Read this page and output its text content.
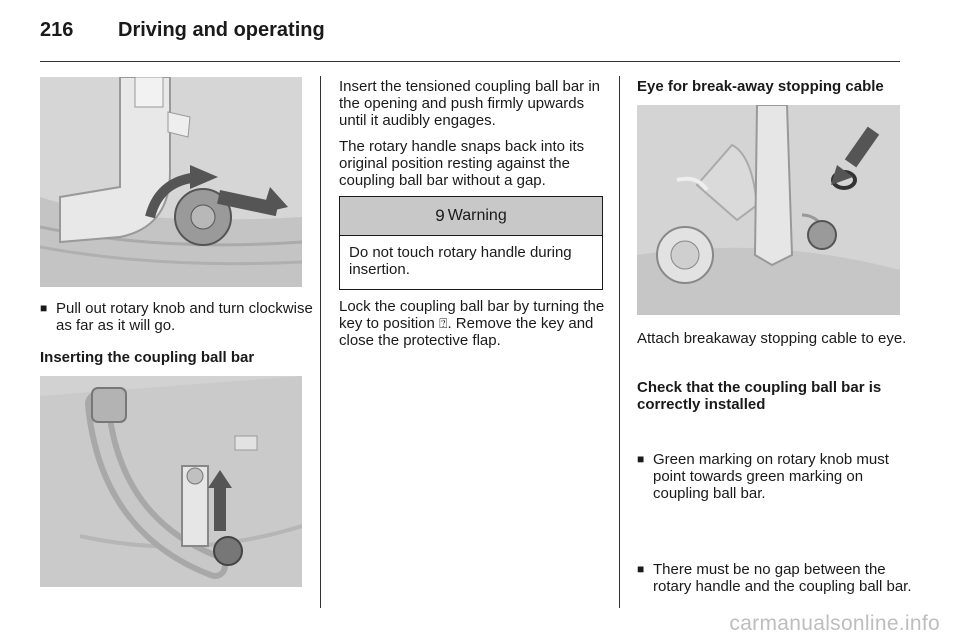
216 Driving and operating
■ Pull out rotary knob and turn clockwise as far as it will go.
Inserting the coupling ball bar
Insert the tensioned coupling ball bar in the opening and push firmly upwards until it audibly engages.
The rotary handle snaps back into its original position resting against the coupling ball bar without a gap.
9 Warning
Do not touch rotary handle during insertion.
Lock the coupling ball bar by turning the key to position ⍰. Remove the key and close the protective flap.
Eye for break-away stopping cable
Attach breakaway stopping cable to eye.
Check that the coupling ball bar is correctly installed
■ Green marking on rotary knob must point towards green marking on coupling ball bar.
■ There must be no gap between the rotary handle and the coupling ball bar.
carmanualsonline.info
